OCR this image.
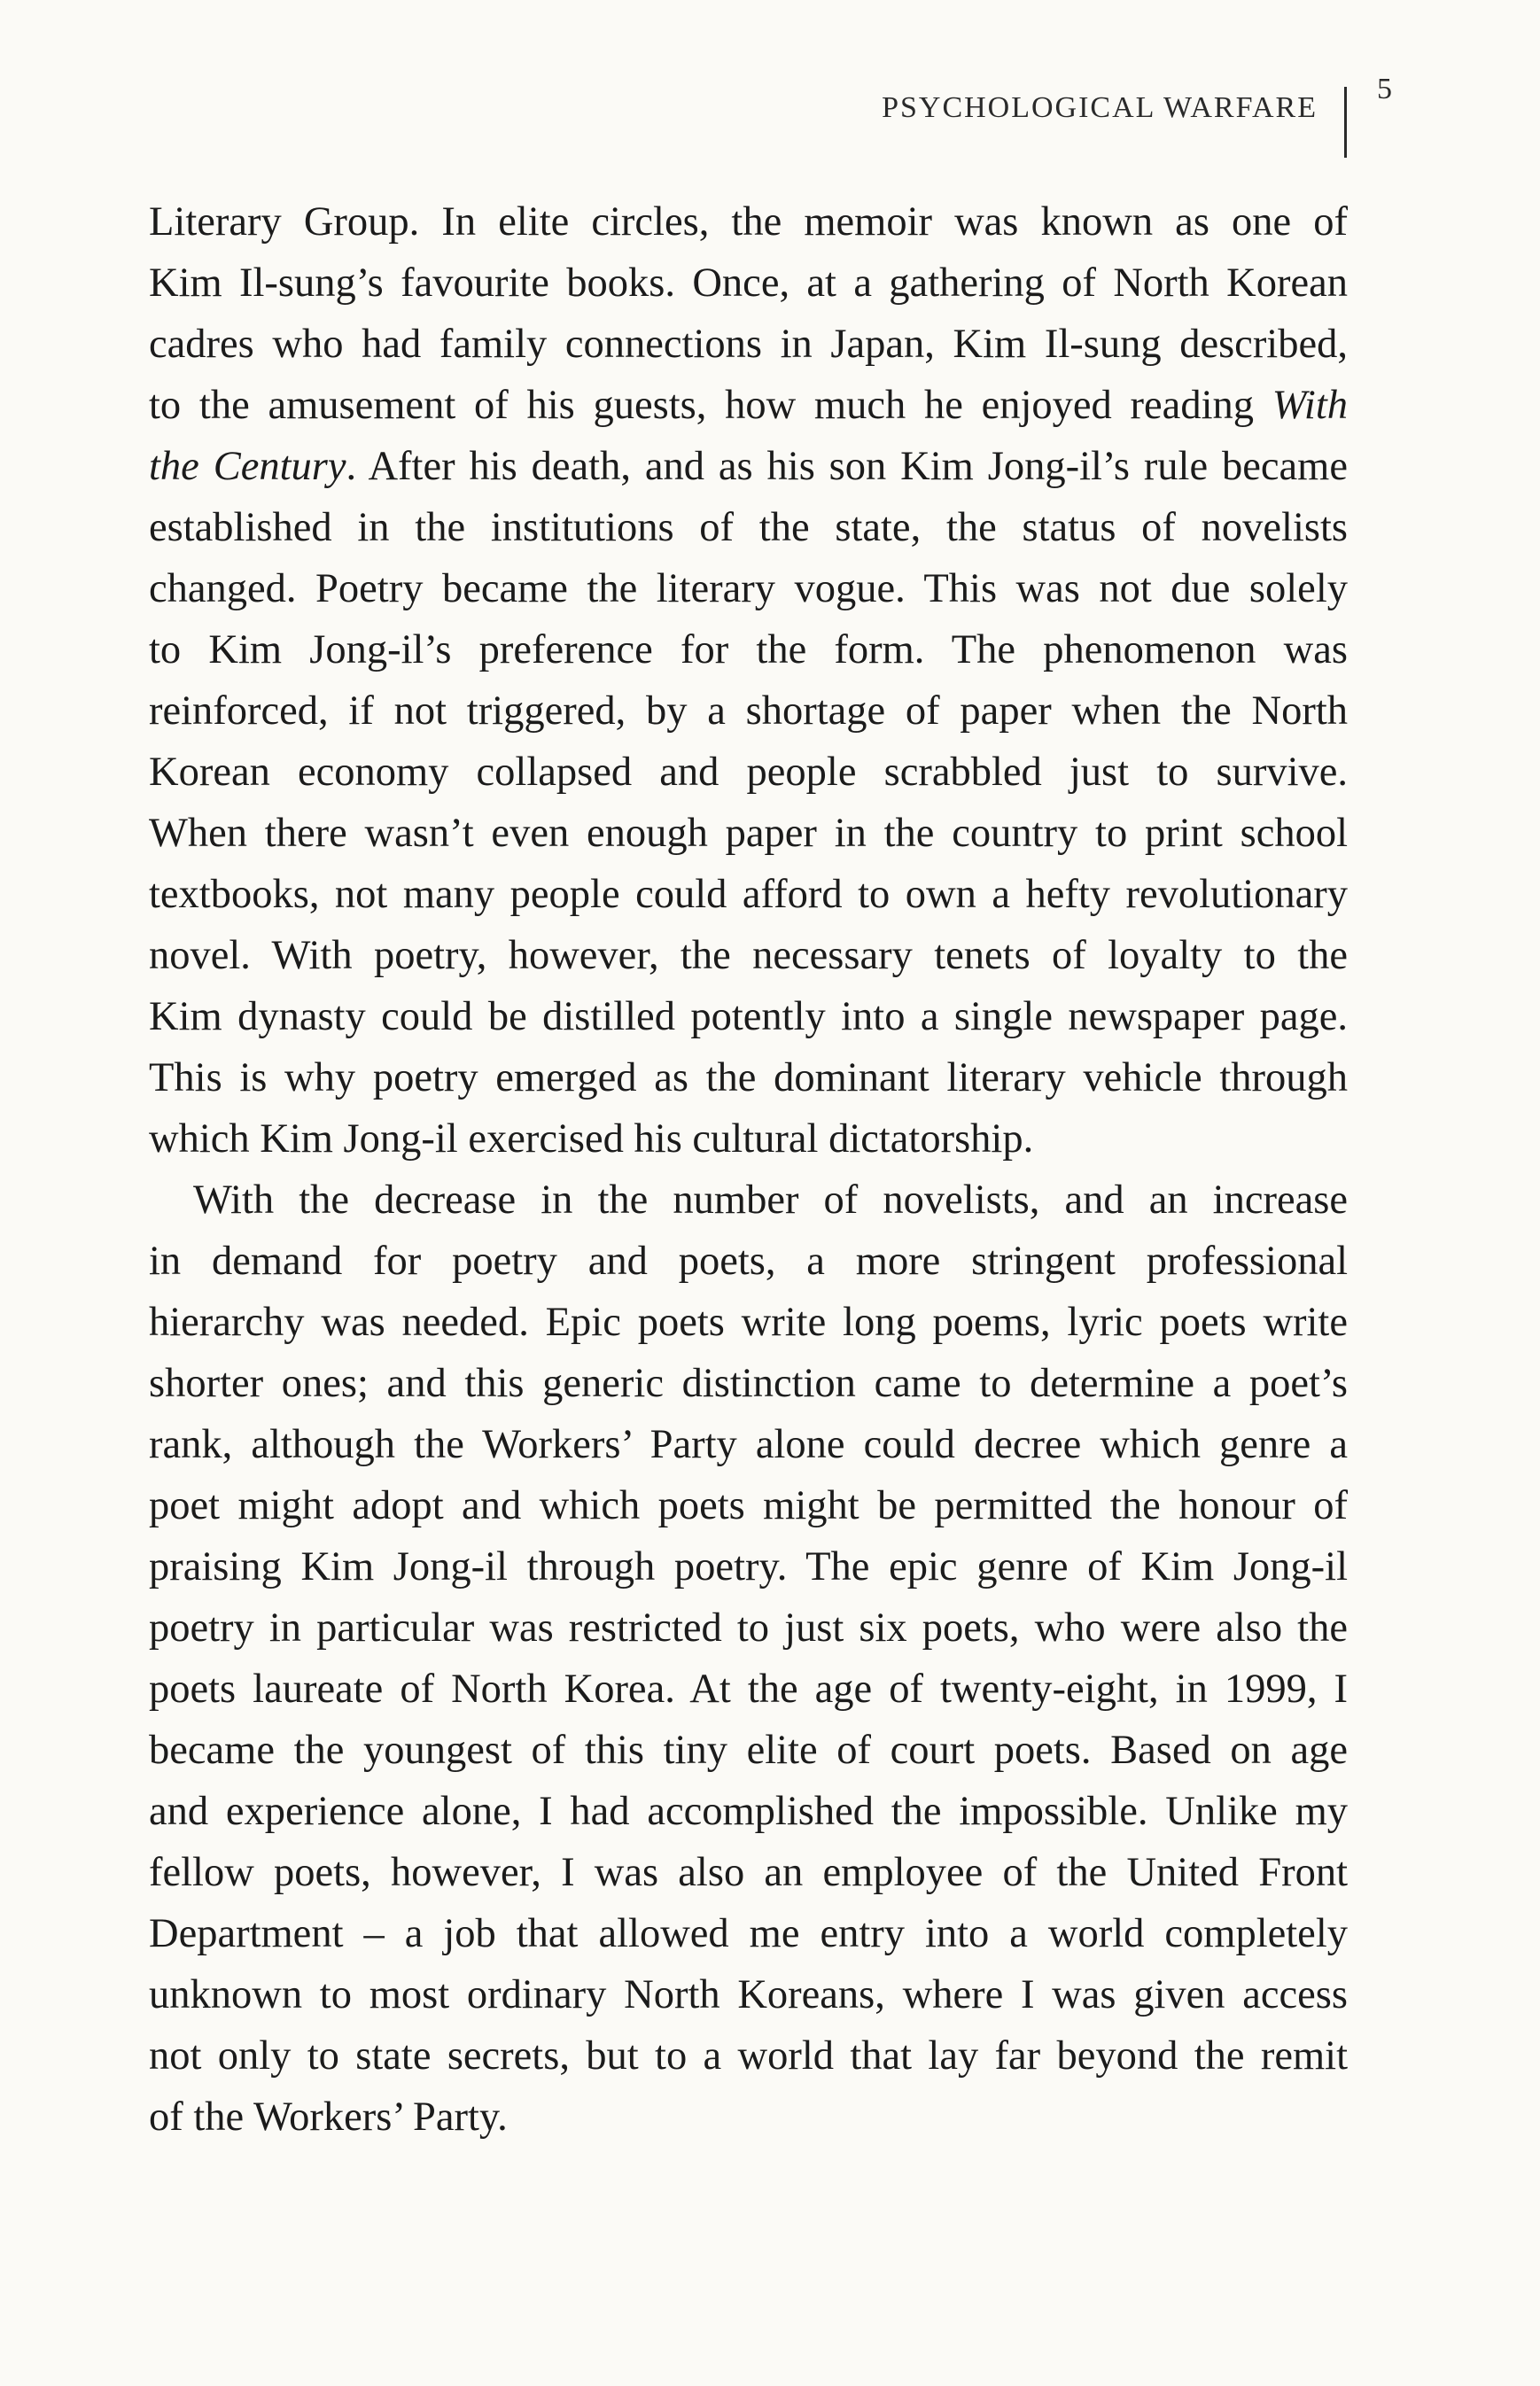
PSYCHOLOGICAL WARFARE
5
Literary Group. In elite circles, the memoir was known as one of
Kim Il-sung’s favourite books. Once, at a gathering of North Korean
cadres who had family connections in Japan, Kim Il-sung described,
to the amusement of his guests, how much he enjoyed reading With
the Century. After his death, and as his son Kim Jong-il’s rule became
established in the institutions of the state, the status of novelists
changed. Poetry became the literary vogue. This was not due solely
to Kim Jong-il’s preference for the form. The phenomenon was
reinforced, if not triggered, by a shortage of paper when the North
Korean economy collapsed and people scrabbled just to survive.
When there wasn’t even enough paper in the country to print school
textbooks, not many people could afford to own a hefty revolutionary
novel. With poetry, however, the necessary tenets of loyalty to the
Kim dynasty could be distilled potently into a single newspaper page.
This is why poetry emerged as the dominant literary vehicle through
which Kim Jong-il exercised his cultural dictatorship.
With the decrease in the number of novelists, and an increase
in demand for poetry and poets, a more stringent professional
hierarchy was needed. Epic poets write long poems, lyric poets write
shorter ones; and this generic distinction came to determine a poet’s
rank, although the Workers’ Party alone could decree which genre a
poet might adopt and which poets might be permitted the honour of
praising Kim Jong-il through poetry. The epic genre of Kim Jong-il
poetry in particular was restricted to just six poets, who were also the
poets laureate of North Korea. At the age of twenty-eight, in 1999, I
became the youngest of this tiny elite of court poets. Based on age
and experience alone, I had accomplished the impossible. Unlike my
fellow poets, however, I was also an employee of the United Front
Department – a job that allowed me entry into a world completely
unknown to most ordinary North Koreans, where I was given access
not only to state secrets, but to a world that lay far beyond the remit
of the Workers’ Party.
